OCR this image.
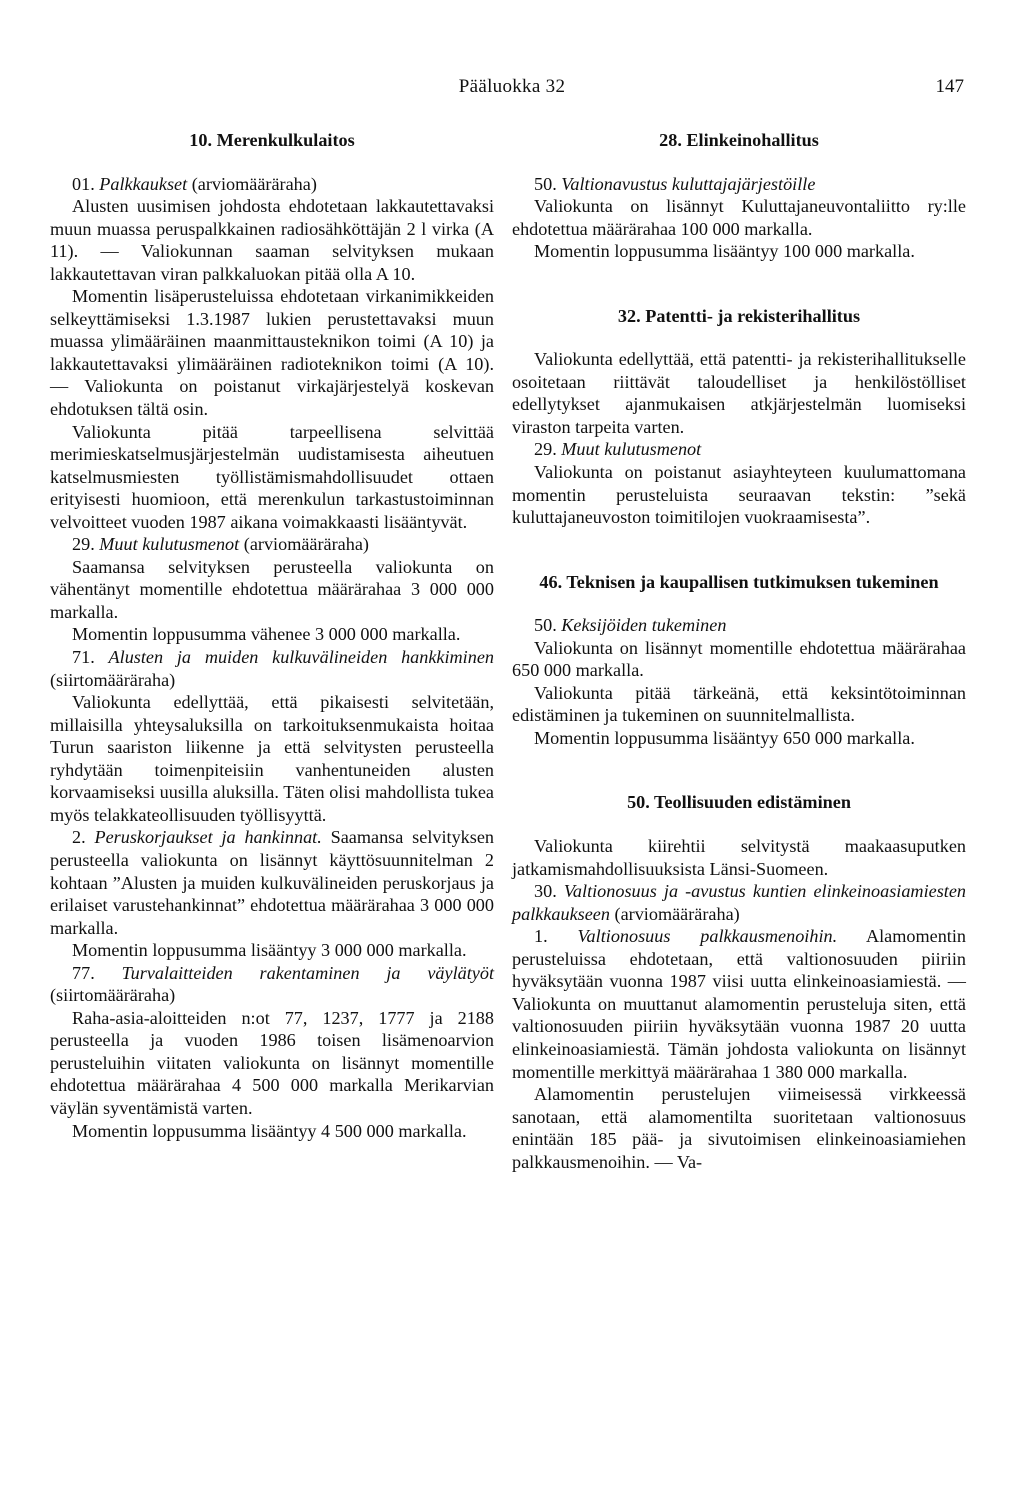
Pääluokka 32	147

10. Merenkulkulaitos

01. Palkkaukset (arviomääräraha)

Alusten uusimisen johdosta ehdotetaan lakkautettavaksi muun muassa peruspalkkainen radiosähköttäjän 2 l virka (A 11). — Valiokunnan saaman selvityksen mukaan lakkautettavan viran palkkaluokan pitää olla A 10.

Momentin lisäperusteluissa ehdotetaan virkanimikkeiden selkeyttämiseksi 1.3.1987 lukien perustettavaksi muun muassa ylimääräinen maanmittausteknikon toimi (A 10) ja lakkautettavaksi ylimääräinen radioteknikon toimi (A 10). — Valiokunta on poistanut virkajärjestelyä koskevan ehdotuksen tältä osin.

Valiokunta pitää tarpeellisena selvittää merimieskatselmusjärjestelmän uudistamisesta aiheutuen katselmusmiesten työllistämismahdollisuudet ottaen erityisesti huomioon, että merenkulun tarkastustoiminnan velvoitteet vuoden 1987 aikana voimakkaasti lisääntyvät.

29. Muut kulutusmenot (arviomääräraha)

Saamansa selvityksen perusteella valiokunta on vähentänyt momentille ehdotettua määrärahaa 3 000 000 markalla.

Momentin loppusumma vähenee 3 000 000 markalla.

71. Alusten ja muiden kulkuvälineiden hankkiminen (siirtomääräraha)

Valiokunta edellyttää, että pikaisesti selvitetään, millaisilla yhteysaluksilla on tarkoituksenmukaista hoitaa Turun saariston liikenne ja että selvitysten perusteella ryhdytään toimenpiteisiin vanhentuneiden alusten korvaamiseksi uusilla aluksilla. Täten olisi mahdollista tukea myös telakkateollisuuden työllisyyttä.

2. Peruskorjaukset ja hankinnat. Saamansa selvityksen perusteella valiokunta on lisännyt käyttösuunnitelman 2 kohtaan ”Alusten ja muiden kulkuvälineiden peruskorjaus ja erilaiset varustehankinnat” ehdotettua määrärahaa 3 000 000 markalla.

Momentin loppusumma lisääntyy 3 000 000 markalla.

77. Turvalaitteiden rakentaminen ja väylätyöt (siirtomääräraha)

Raha-asia-aloitteiden n:ot 77, 1237, 1777 ja 2188 perusteella ja vuoden 1986 toisen lisämenoarvion perusteluihin viitaten valiokunta on lisännyt momentille ehdotettua määrärahaa 4 500 000 markalla Merikarvian väylän syventämistä varten.

Momentin loppusumma lisääntyy 4 500 000 markalla.

28. Elinkeinohallitus

50. Valtionavustus kuluttajajärjestöille

Valiokunta on lisännyt Kuluttajaneuvontaliitto ry:lle ehdotettua määrärahaa 100 000 markalla.

Momentin loppusumma lisääntyy 100 000 markalla.

32. Patentti- ja rekisterihallitus

Valiokunta edellyttää, että patentti- ja rekisterihallitukselle osoitetaan riittävät taloudelliset ja henkilöstölliset edellytykset ajanmukaisen atkjärjestelmän luomiseksi viraston tarpeita varten.

29. Muut kulutusmenot

Valiokunta on poistanut asiayhteyteen kuulumattomana momentin perusteluista seuraavan tekstin: ”sekä kuluttajaneuvoston toimitilojen vuokraamisesta”.

46. Teknisen ja kaupallisen tutkimuksen tukeminen

50. Keksijöiden tukeminen

Valiokunta on lisännyt momentille ehdotettua määrärahaa 650 000 markalla.

Valiokunta pitää tärkeänä, että keksintötoiminnan edistäminen ja tukeminen on suunnitelmallista.

Momentin loppusumma lisääntyy 650 000 markalla.

50. Teollisuuden edistäminen

Valiokunta kiirehtii selvitystä maakaasuputken jatkamismahdollisuuksista Länsi-Suomeen.

30. Valtionosuus ja -avustus kuntien elinkeinoasiamiesten palkkaukseen (arviomääräraha)

1. Valtionosuus palkkausmenoihin. Alamomentin perusteluissa ehdotetaan, että valtionosuuden piiriin hyväksytään vuonna 1987 viisi uutta elinkeinoasiamiestä. — Valiokunta on muuttanut alamomentin perusteluja siten, että valtionosuuden piiriin hyväksytään vuonna 1987 20 uutta elinkeinoasiamiestä. Tämän johdosta valiokunta on lisännyt momentille merkittyä määrärahaa 1 380 000 markalla.

Alamomentin perustelujen viimeisessä virkkeessä sanotaan, että alamomentilta suoritetaan valtionosuus enintään 185 pää- ja sivutoimisen elinkeinoasiamiehen palkkausmenoihin. — Va-
